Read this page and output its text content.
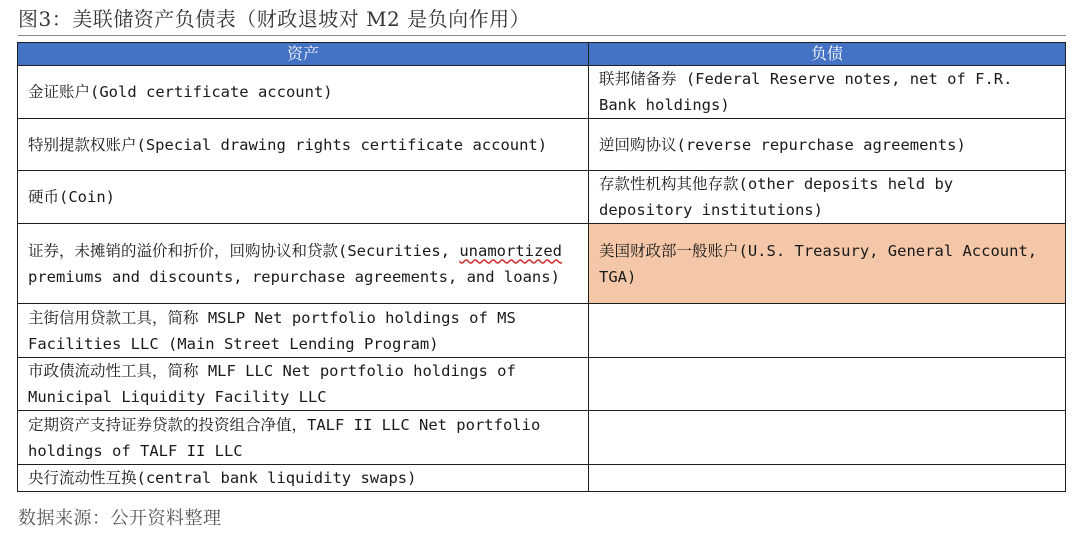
图3：美联储资产负债表（财政退坡对 M2 是负向作用）
资产	负债
金证账户(Gold certificate account)	联邦储备券 (Federal Reserve notes, net of F.R. Bank holdings)
特别提款权账户(Special drawing rights certificate account)	逆回购协议(reverse repurchase agreements)
硬币(Coin)	存款性机构其他存款(other deposits held by depository institutions)
证券，未摊销的溢价和折价，回购协议和贷款(Securities, unamortized premiums and discounts, repurchase agreements, and loans)	美国财政部一般账户(U.S. Treasury, General Account, TGA)
主街信用贷款工具，简称 MSLP Net portfolio holdings of MS Facilities LLC (Main Street Lending Program)	
市政债流动性工具，简称 MLF LLC Net portfolio holdings of Municipal Liquidity Facility LLC	
定期资产支持证券贷款的投资组合净值，TALF II LLC Net portfolio holdings of TALF II LLC	
央行流动性互换(central bank liquidity swaps)	
数据来源：公开资料整理
